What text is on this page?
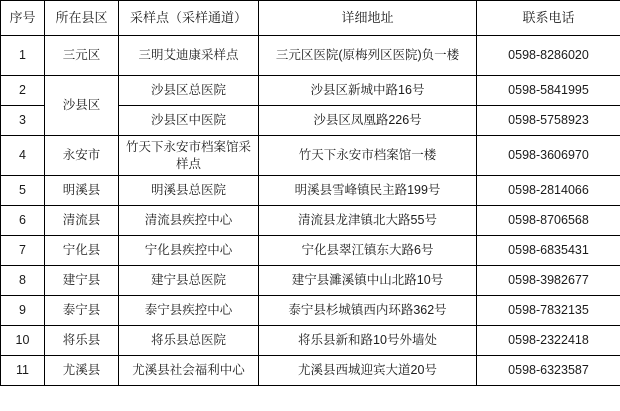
序号	所在县区	采样点（采样通道）	详细地址	联系电话
1	三元区	三明艾迪康采样点	三元区医院(原梅列区医院)负一楼	0598-8286020
2	沙县区	沙县区总医院	沙县区新城中路16号	0598-5841995
3		沙县区中医院	沙县区凤凰路226号	0598-5758923
4	永安市	竹天下永安市档案馆采样点	竹天下永安市档案馆一楼	0598-3606970
5	明溪县	明溪县总医院	明溪县雪峰镇民主路199号	0598-2814066
6	清流县	清流县疾控中心	清流县龙津镇北大路55号	0598-8706568
7	宁化县	宁化县疾控中心	宁化县翠江镇东大路6号	0598-6835431
8	建宁县	建宁县总医院	建宁县濉溪镇中山北路10号	0598-3982677
9	泰宁县	泰宁县疾控中心	泰宁县杉城镇西内环路362号	0598-7832135
10	将乐县	将乐县总医院	将乐县新和路10号外墙处	0598-2322418
11	尤溪县	尤溪县社会福利中心	尤溪县西城迎宾大道20号	0598-6323587
